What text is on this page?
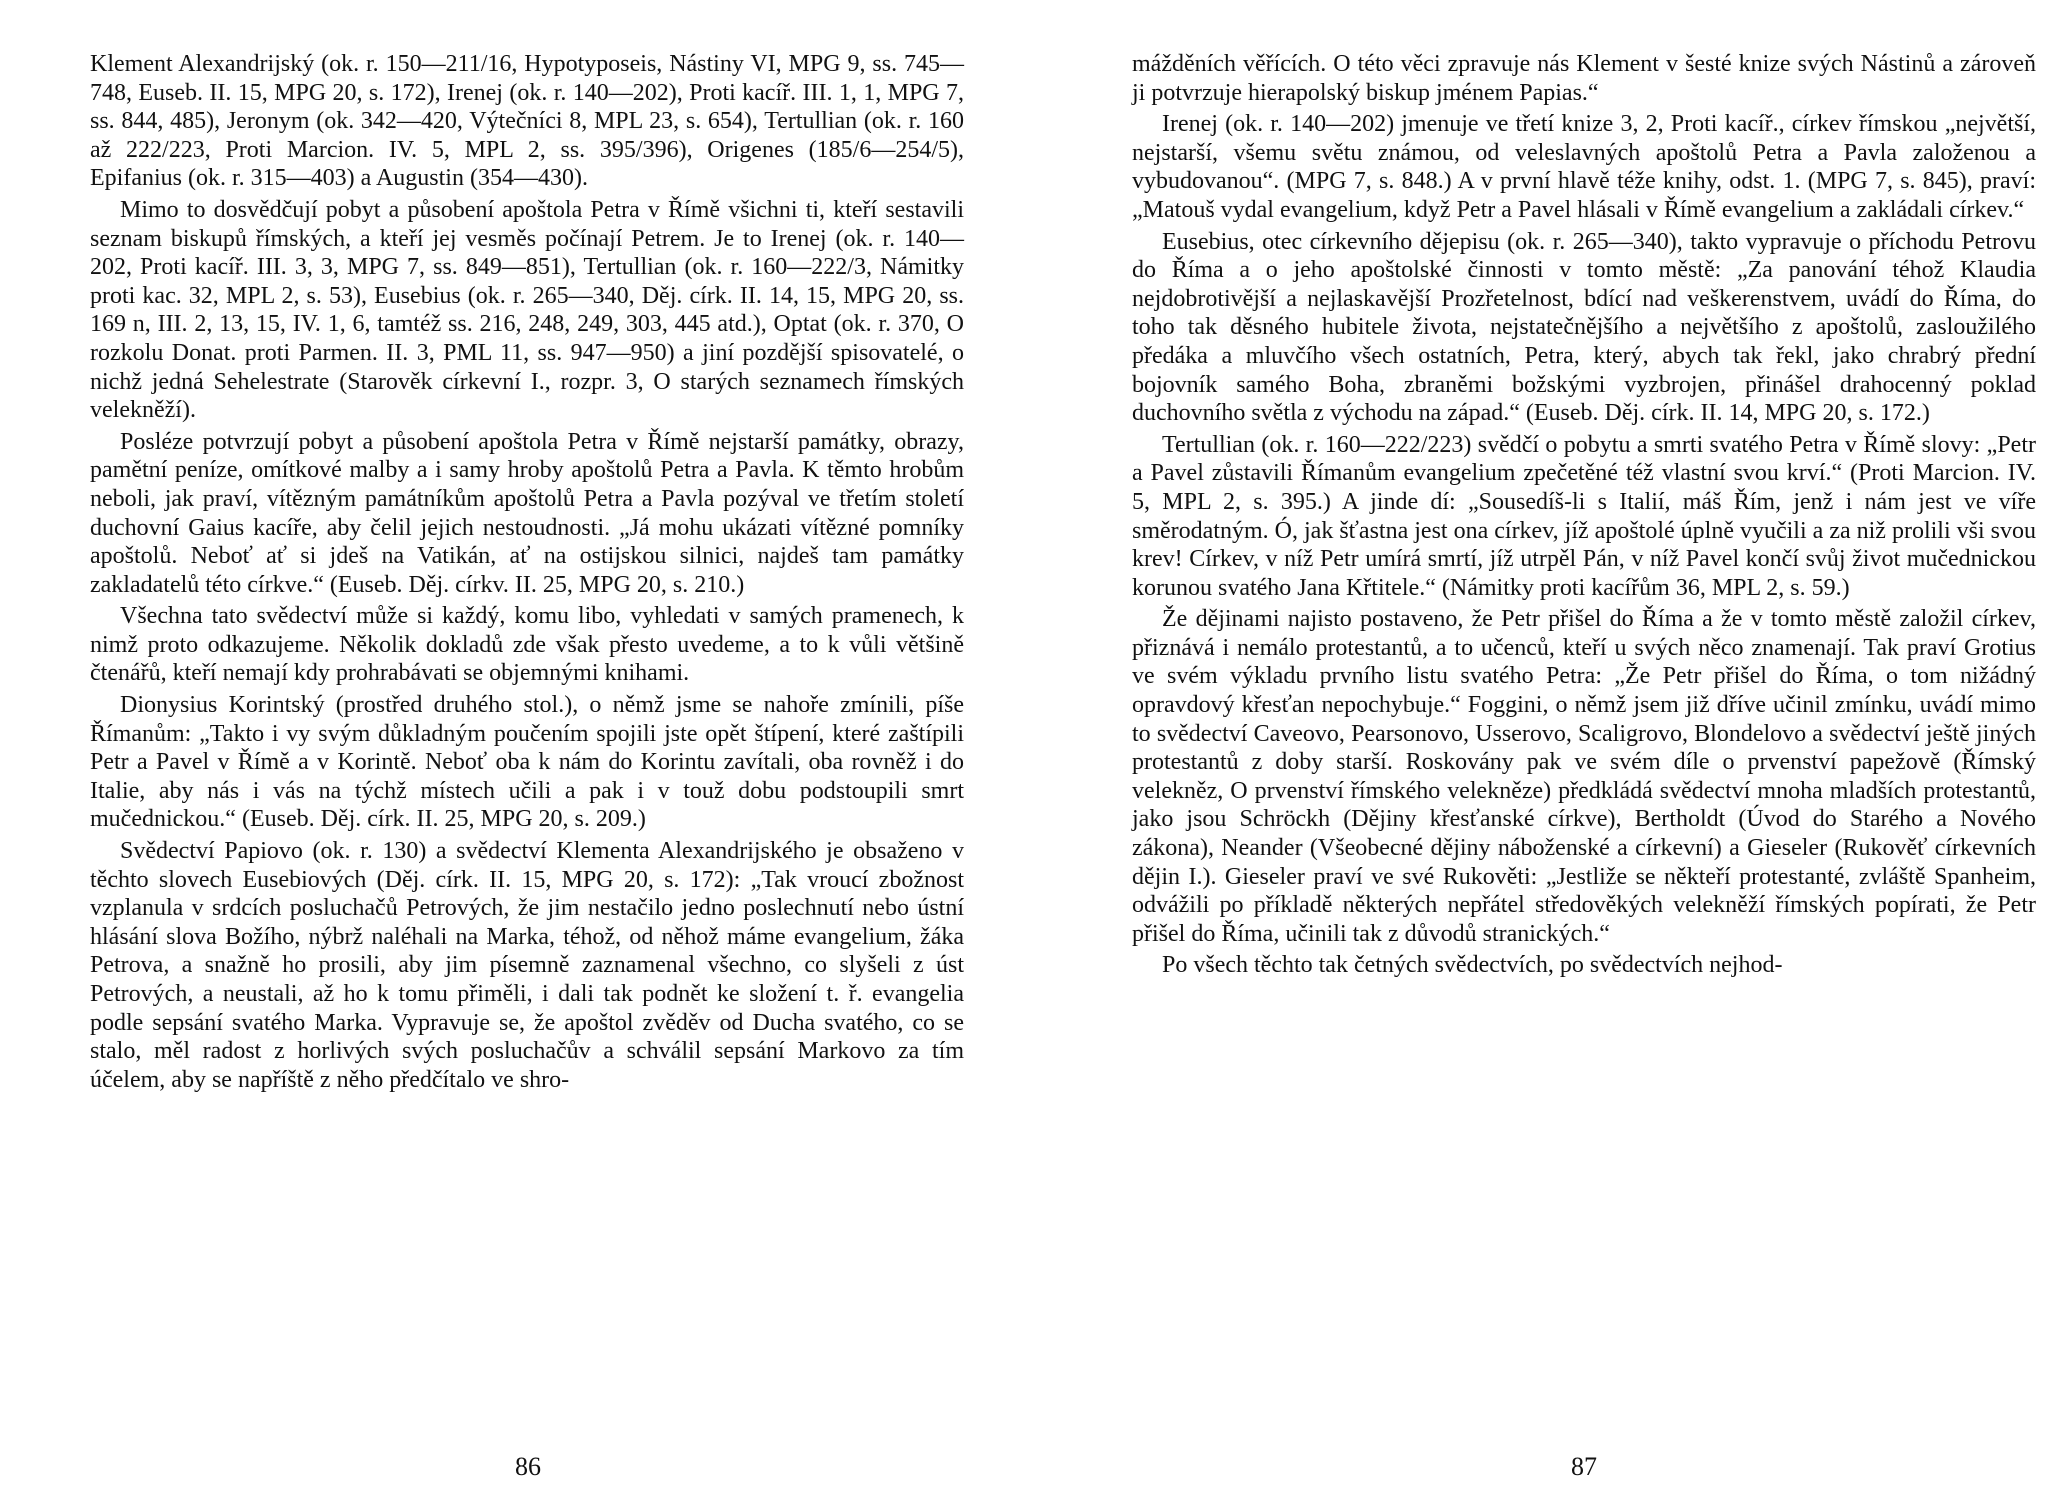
Klement Alexandrijský (ok. r. 150—211/16, Hypotyposeis, Nástiny VI, MPG 9, ss. 745—748, Euseb. II. 15, MPG 20, s. 172), Irenej (ok. r. 140—202), Proti kacíř. III. 1, 1, MPG 7, ss. 844, 485), Jeronym (ok. 342—420, Výtečníci 8, MPL 23, s. 654), Tertullian (ok. r. 160 až 222/223, Proti Marcion. IV. 5, MPL 2, ss. 395/396), Origenes (185/6—254/5), Epifanius (ok. r. 315—403) a Augustin (354—430).

Mimo to dosvědčují pobyt a působení apoštola Petra v Římě všichni ti, kteří sestavili seznam biskupů římských, a kteří jej vesměs počínají Petrem. Je to Irenej (ok. r. 140—202, Proti kacíř. III. 3, 3, MPG 7, ss. 849—851), Tertullian (ok. r. 160—222/3, Námitky proti kac. 32, MPL 2, s. 53), Eusebius (ok. r. 265—340, Děj. círk. II. 14, 15, MPG 20, ss. 169 n, III. 2, 13, 15, IV. 1, 6, tamtéž ss. 216, 248, 249, 303, 445 atd.), Optat (ok. r. 370, O rozkolu Donat. proti Parmen. II. 3, PML 11, ss. 947—950) a jiní pozdější spisovatelé, o nichž jedná Sehelestrate (Starověk církevní I., rozpr. 3, O starých seznamech římských velekněží).

Posléze potvrzují pobyt a působení apoštola Petra v Římě nejstarší památky, obrazy, pamětní peníze, omítkové malby a i samy hroby apoštolů Petra a Pavla. K těmto hrobům neboli, jak praví, vítězným památníkům apoštolů Petra a Pavla pozýval ve třetím století duchovní Gaius kacíře, aby čelil jejich nestoudnosti. „Já mohu ukázati vítězné pomníky apoštolů. Neboť ať si jdeš na Vatikán, ať na ostijskou silnici, najdeš tam památky zakladatelů této církve.“ (Euseb. Děj. církv. II. 25, MPG 20, s. 210.)

Všechna tato svědectví může si každý, komu libo, vyhledati v samých pramenech, k nimž proto odkazujeme. Několik dokladů zde však přesto uvedeme, a to k vůli většině čtenářů, kteří nemají kdy prohrabávati se objemnými knihami.

Dionysius Korintský (prostřed druhého stol.), o němž jsme se nahoře zmínili, píše Římanům: „Takto i vy svým důkladným poučením spojili jste opět štípení, které zaštípili Petr a Pavel v Římě a v Korintě. Neboť oba k nám do Korintu zavítali, oba rovněž i do Italie, aby nás i vás na týchž místech učili a pak i v touž dobu podstoupili smrt mučednickou.“ (Euseb. Děj. círk. II. 25, MPG 20, s. 209.)

Svědectví Papiovo (ok. r. 130) a svědectví Klementa Alexandrijského je obsaženo v těchto slovech Eusebiových (Děj. círk. II. 15, MPG 20, s. 172): „Tak vroucí zbožnost vzplanula v srdcích posluchačů Petrových, že jim nestačilo jedno poslechnutí nebo ústní hlásání slova Božího, nýbrž naléhali na Marka, téhož, od něhož máme evangelium, žáka Petrova, a snažně ho prosili, aby jim písemně zaznamenal všechno, co slyšeli z úst Petrových, a neustali, až ho k tomu přiměli, i dali tak podnět ke složení t. ř. evangelia podle sepsání svatého Marka. Vypravuje se, že apoštol zvěděv od Ducha svatého, co se stalo, měl radost z horlivých svých posluchačův a schválil sepsání Markovo za tím účelem, aby se napříště z něho předčítalo ve shro-

86

mážděních věřících. O této věci zpravuje nás Klement v šesté knize svých Nástinů a zároveň ji potvrzuje hierapolský biskup jménem Papias.“

Irenej (ok. r. 140—202) jmenuje ve třetí knize 3, 2, Proti kacíř., církev římskou „největší, nejstarší, všemu světu známou, od veleslavných apoštolů Petra a Pavla založenou a vybudovanou“. (MPG 7, s. 848.) A v první hlavě téže knihy, odst. 1. (MPG 7, s. 845), praví: „Matouš vydal evangelium, když Petr a Pavel hlásali v Římě evangelium a zakládali církev.“

Eusebius, otec církevního dějepisu (ok. r. 265—340), takto vypravuje o příchodu Petrovu do Říma a o jeho apoštolské činnosti v tomto městě: „Za panování téhož Klaudia nejdobrotivější a nejlaskavější Prozřetelnost, bdící nad veškerenstvem, uvádí do Říma, do toho tak děsného hubitele života, nejstatečnějšího a největšího z apoštolů, zasloužilého předáka a mluvčího všech ostatních, Petra, který, abych tak řekl, jako chrabrý přední bojovník samého Boha, zbraněmi božskými vyzbrojen, přinášel drahocenný poklad duchovního světla z východu na západ.“ (Euseb. Děj. círk. II. 14, MPG 20, s. 172.)

Tertullian (ok. r. 160—222/223) svědčí o pobytu a smrti svatého Petra v Římě slovy: „Petr a Pavel zůstavili Římanům evangelium zpečetěné též vlastní svou krví.“ (Proti Marcion. IV. 5, MPL 2, s. 395.) A jinde dí: „Sousedíš-li s Italií, máš Řím, jenž i nám jest ve víře směrodatným. Ó, jak šťastna jest ona církev, jíž apoštolé úplně vyučili a za niž prolili vši svou krev! Církev, v níž Petr umírá smrtí, jíž utrpěl Pán, v níž Pavel končí svůj život mučednickou korunou svatého Jana Křtitele.“ (Námitky proti kacířům 36, MPL 2, s. 59.)

Že dějinami najisto postaveno, že Petr přišel do Říma a že v tomto městě založil církev, přiznává i nemálo protestantů, a to učenců, kteří u svých něco znamenají. Tak praví Grotius ve svém výkladu prvního listu svatého Petra: „Že Petr přišel do Říma, o tom nižádný opravdový křesťan nepochybuje.“ Foggini, o němž jsem již dříve učinil zmínku, uvádí mimo to svědectví Caveovo, Pearsonovo, Usserovo, Scaligrovo, Blondelovo a svědectví ještě jiných protestantů z doby starší. Roskovány pak ve svém díle o prvenství papežově (Římský velekněz, O prvenství římského velekněze) předkládá svědectví mnoha mladších protestantů, jako jsou Schröckh (Dějiny křesťanské církve), Bertholdt (Úvod do Starého a Nového zákona), Neander (Všeobecné dějiny náboženské a církevní) a Gieseler (Rukověť církevních dějin I.). Gieseler praví ve své Rukověti: „Jestliže se někteří protestanté, zvláště Spanheim, odvážili po příkladě některých nepřátel středověkých velekněží římských popírati, že Petr přišel do Říma, učinili tak z důvodů stranických.“

Po všech těchto tak četných svědectvích, po svědectvích nejhod-

87
